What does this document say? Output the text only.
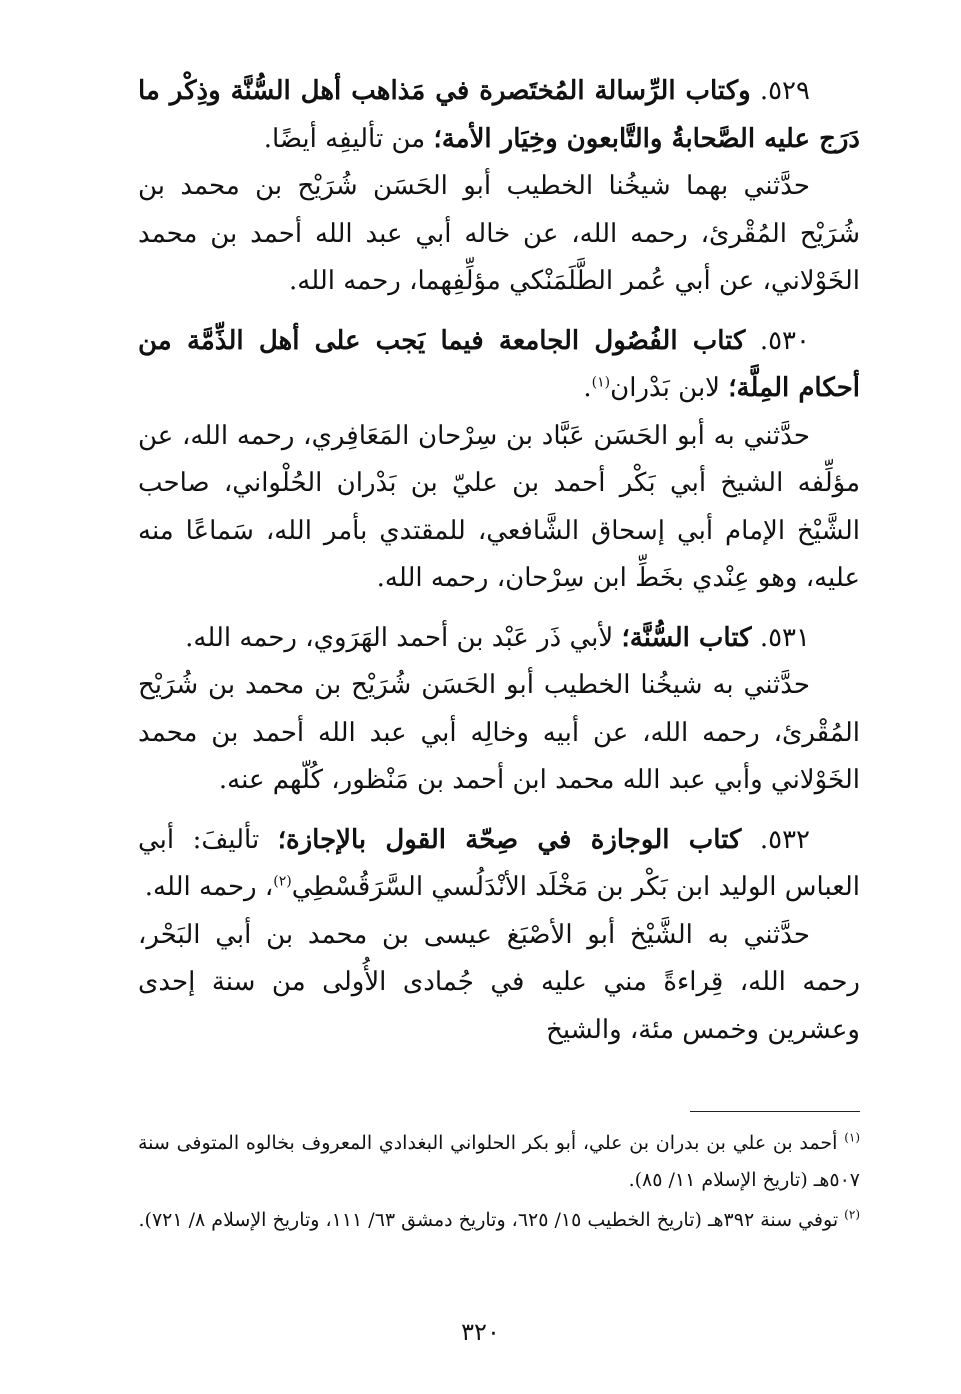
٥٢٩. وكتاب الرِّسالة المُختَصرة في مَذاهب أهل السُّنَّة وذِكْر ما دَرَج عليه الصَّحابةُ والتَّابعون وخِيَار الأمة؛ من تأليفِه أيضًا.

حدَّثني بهما شيخُنا الخطيب أبو الحَسَن شُرَيْح بن محمد بن شُرَيْح المُقْرئ، رحمه الله، عن خاله أبي عبد الله أحمد بن محمد الخَوْلاني، عن أبي عُمر الطَّلَمَنْكي مؤلِّفِهما، رحمه الله.

٥٣٠. كتاب الفُصُول الجامعة فيما يَجب على أهل الذِّمَّة من أحكام المِلَّة؛ لابن بَدْران$^{(١)}$.

حدَّثني به أبو الحَسَن عَبَّاد بن سِرْحان المَعَافِري، رحمه الله، عن مؤلِّفه الشيخ أبي بَكْر أحمد بن عليّ بن بَدْران الحُلْواني، صاحب الشَّيْخ الإمام أبي إسحاق الشَّافعي، للمقتدي بأمر الله، سَماعًا منه عليه، وهو عِنْدي بخَطِّ ابن سِرْحان، رحمه الله.

٥٣١. كتاب السُّنَّة؛ لأبي ذَر عَبْد بن أحمد الهَرَوي، رحمه الله.

حدَّثني به شيخُنا الخطيب أبو الحَسَن شُرَيْح بن محمد بن شُرَيْح المُقْرئ، رحمه الله، عن أبيه وخالِه أبي عبد الله أحمد بن محمد الخَوْلاني وأبي عبد الله محمد ابن أحمد بن مَنْظور، كُلّهم عنه.

٥٣٢. كتاب الوجازة في صِحّة القول بالإجازة؛ تأليفَ: أبي العباس الوليد ابن بَكْر بن مَخْلَد الأنْدَلُسي السَّرَقُسْطِي$^{(٢)}$، رحمه الله.

حدَّثني به الشَّيْخ أبو الأصْبَغ عيسى بن محمد بن أبي البَحْر، رحمه الله، قِراءةً مني عليه في جُمادى الأُولى من سنة إحدى وعشرين وخمس مئة، والشيخ

$^{(١)}$ أحمد بن علي بن بدران بن علي، أبو بكر الحلواني البغدادي المعروف بخالوه المتوفى سنة ٥٠٧هـ (تاريخ الإسلام ١١/ ٨٥).

$^{(٢)}$ توفي سنة ٣٩٢هـ (تاريخ الخطيب ١٥/ ٦٢٥، وتاريخ دمشق ٦٣/ ١١١، وتاريخ الإسلام ٨/ ٧٢١).

٣٢٠
